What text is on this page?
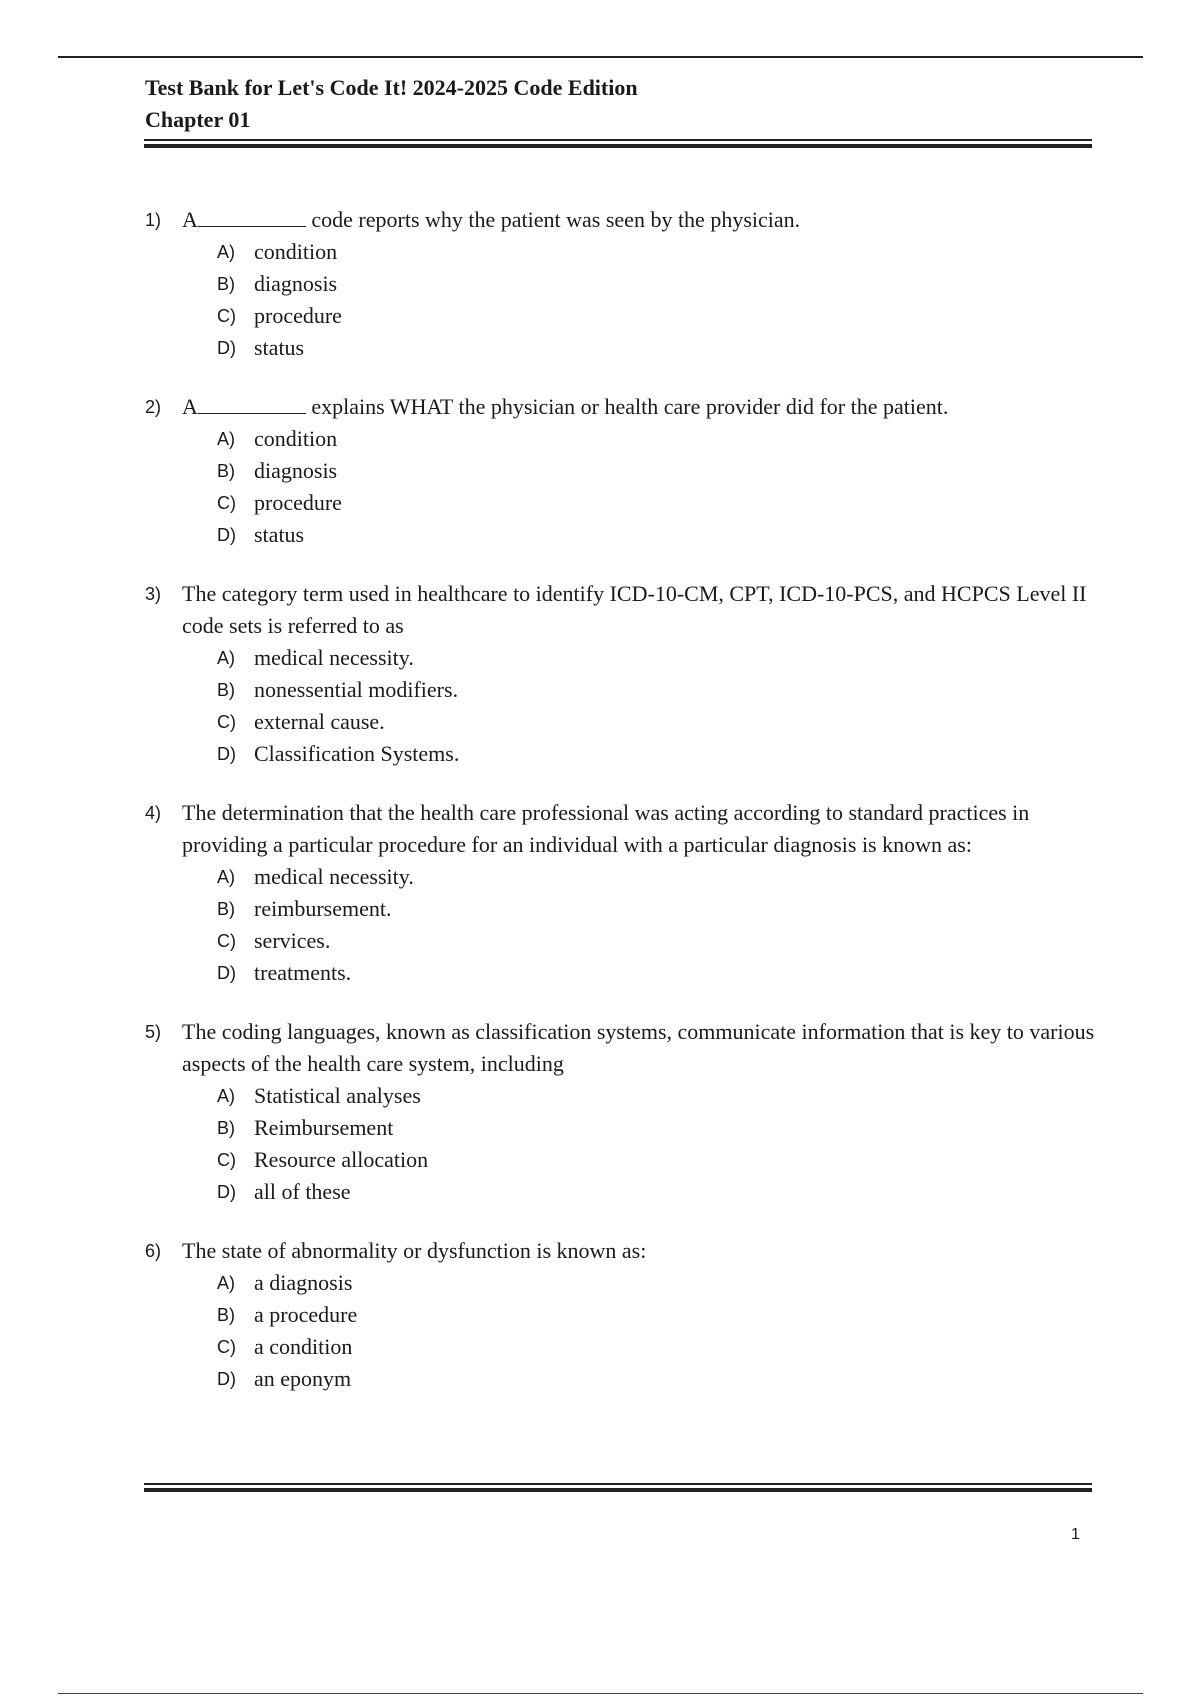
Test Bank for Let's Code It! 2024-2025 Code Edition
Chapter 01
1) A	code reports why the patient was seen by the physician.
A) condition
B) diagnosis
C) procedure
D) status
2) A	explains WHAT the physician or health care provider did for the patient.
A) condition
B) diagnosis
C) procedure
D) status
3) The category term used in healthcare to identify ICD-10-CM, CPT, ICD-10-PCS, and HCPCS Level II code sets is referred to as
A) medical necessity.
B) nonessential modifiers.
C) external cause.
D) Classification Systems.
4) The determination that the health care professional was acting according to standard practices in providing a particular procedure for an individual with a particular diagnosis is known as:
A) medical necessity.
B) reimbursement.
C) services.
D) treatments.
5) The coding languages, known as classification systems, communicate information that is key to various aspects of the health care system, including
A) Statistical analyses
B) Reimbursement
C) Resource allocation
D) all of these
6) The state of abnormality or dysfunction is known as:
A) a diagnosis
B) a procedure
C) a condition
D) an eponym
1
